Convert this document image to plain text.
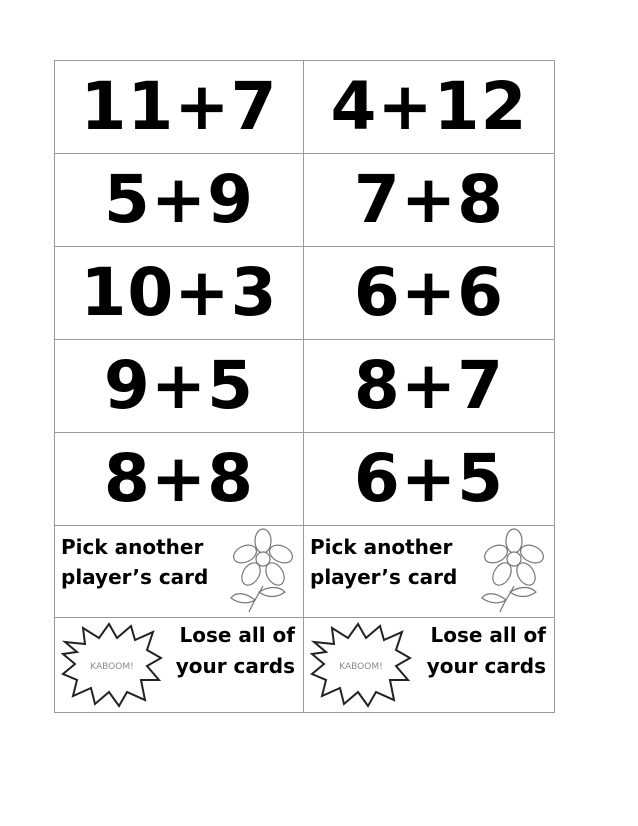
11+7	4+12

5+9	7+8

10+3	6+6

9+5	8+7

8+8	6+5

Pick another
player’s card	Pick another
player’s card

KABOOM!
Lose all of
your cards	KABOOM!
Lose all of
your cards
